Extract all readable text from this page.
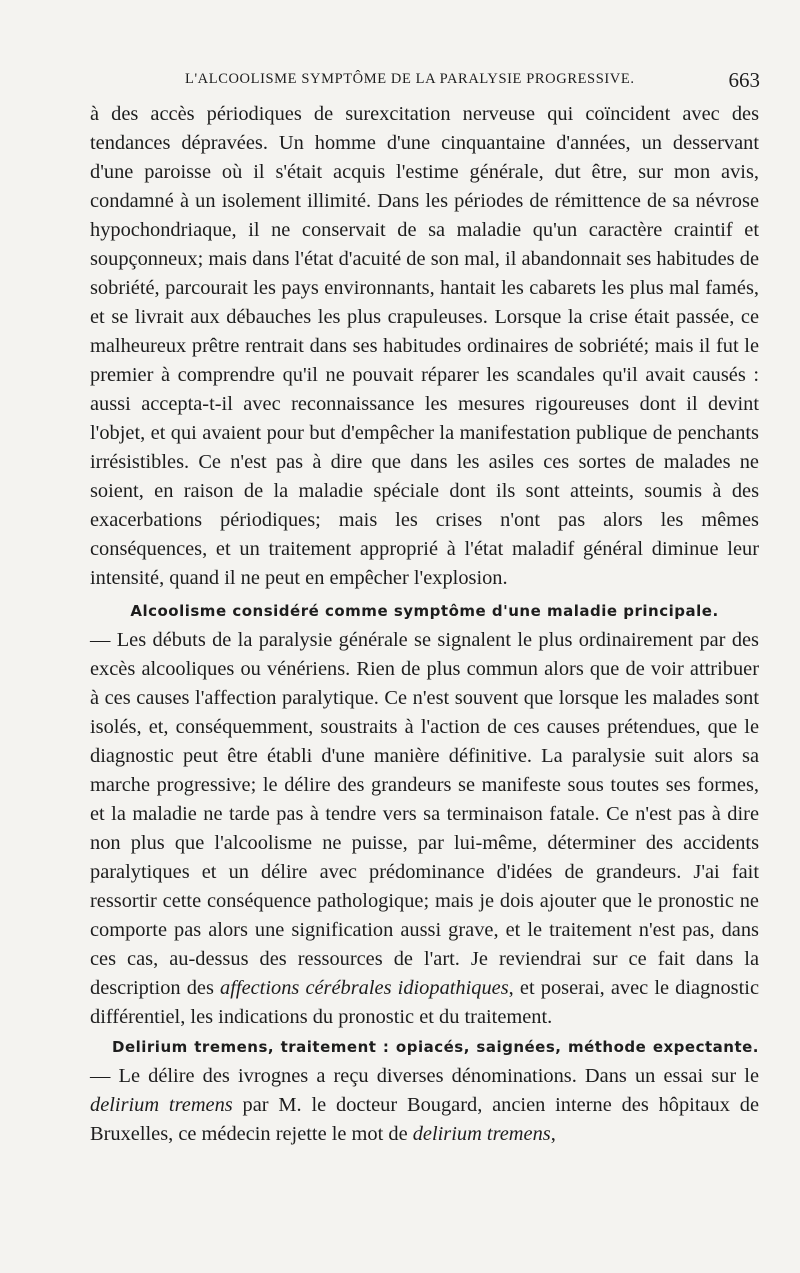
L'ALCOOLISME SYMPTÔME DE LA PARALYSIE PROGRESSIVE.	663

à des accès périodiques de surexcitation nerveuse qui coïncident avec des tendances dépravées. Un homme d'une cinquantaine d'années, un desservant d'une paroisse où il s'était acquis l'estime générale, dut être, sur mon avis, condamné à un isolement illimité. Dans les périodes de rémittence de sa névrose hypochondriaque, il ne conservait de sa maladie qu'un caractère craintif et soupçonneux; mais dans l'état d'acuité de son mal, il abandonnait ses habitudes de sobriété, parcourait les pays environnants, hantait les cabarets les plus mal famés, et se livrait aux débauches les plus crapuleuses. Lorsque la crise était passée, ce malheureux prêtre rentrait dans ses habitudes ordinaires de sobriété; mais il fut le premier à comprendre qu'il ne pouvait réparer les scandales qu'il avait causés : aussi accepta-t-il avec reconnaissance les mesures rigoureuses dont il devint l'objet, et qui avaient pour but d'empêcher la manifestation publique de penchants irrésistibles. Ce n'est pas à dire que dans les asiles ces sortes de malades ne soient, en raison de la maladie spéciale dont ils sont atteints, soumis à des exacerbations périodiques; mais les crises n'ont pas alors les mêmes conséquences, et un traitement approprié à l'état maladif général diminue leur intensité, quand il ne peut en empêcher l'explosion.

Alcoolisme considéré comme symptôme d'une maladie principale.

— Les débuts de la paralysie générale se signalent le plus ordinairement par des excès alcooliques ou vénériens. Rien de plus commun alors que de voir attribuer à ces causes l'affection paralytique. Ce n'est souvent que lorsque les malades sont isolés, et, conséquemment, soustraits à l'action de ces causes prétendues, que le diagnostic peut être établi d'une manière définitive. La paralysie suit alors sa marche progressive; le délire des grandeurs se manifeste sous toutes ses formes, et la maladie ne tarde pas à tendre vers sa terminaison fatale. Ce n'est pas à dire non plus que l'alcoolisme ne puisse, par lui-même, déterminer des accidents paralytiques et un délire avec prédominance d'idées de grandeurs. J'ai fait ressortir cette conséquence pathologique; mais je dois ajouter que le pronostic ne comporte pas alors une signification aussi grave, et le traitement n'est pas, dans ces cas, au-dessus des ressources de l'art. Je reviendrai sur ce fait dans la description des affections cérébrales idiopathiques, et poserai, avec le diagnostic différentiel, les indications du pronostic et du traitement.

Delirium tremens, traitement : opiacés, saignées, méthode expectante. — Le délire des ivrognes a reçu diverses dénominations. Dans un essai sur le delirium tremens par M. le docteur Bougard, ancien interne des hôpitaux de Bruxelles, ce médecin rejette le mot de delirium tremens,
